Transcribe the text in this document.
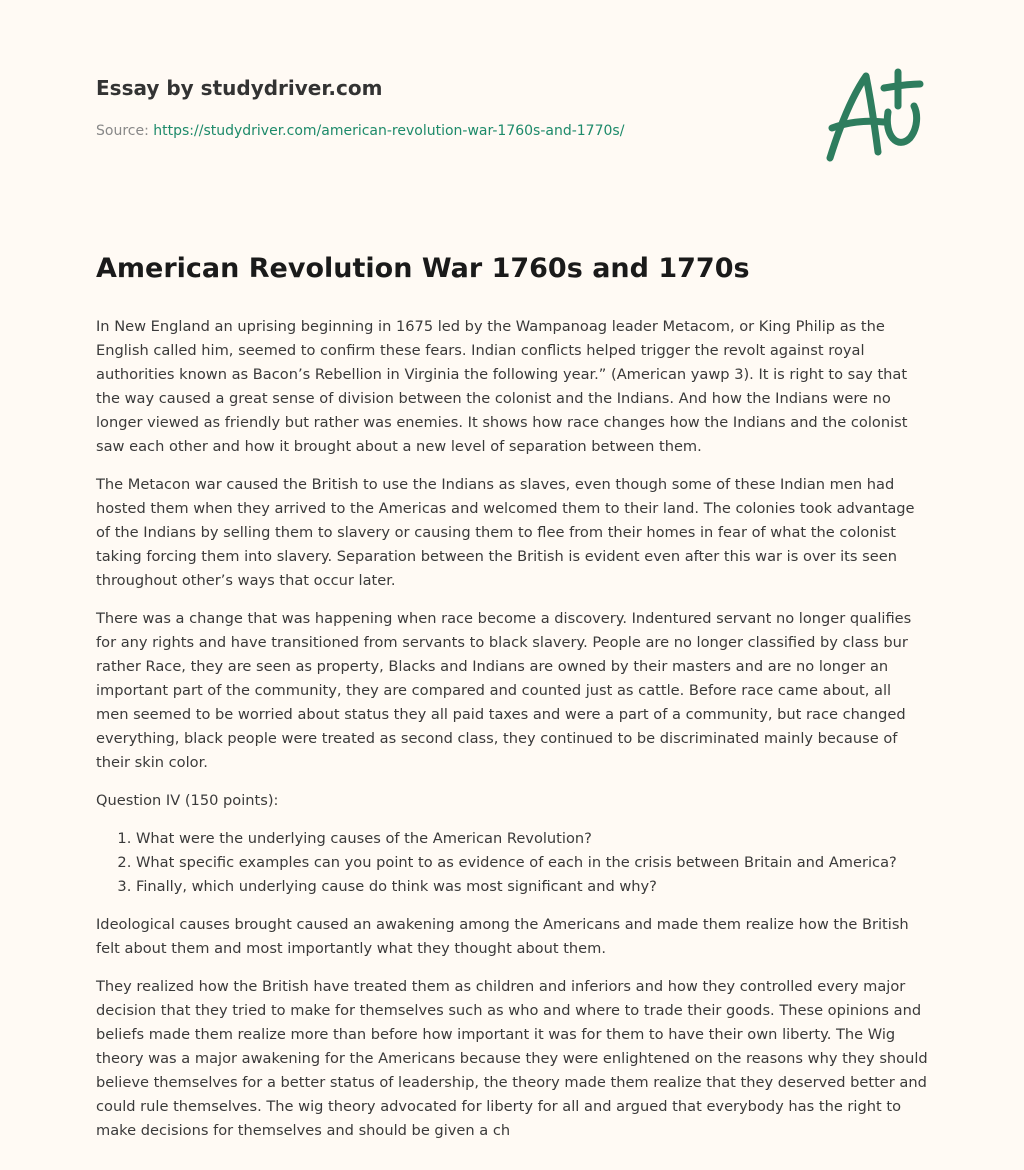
Essay by studydriver.com
Source: https://studydriver.com/american-revolution-war-1760s-and-1770s/
American Revolution War 1760s and 1770s

In New England an uprising beginning in 1675 led by the Wampanoag leader Metacom, or King Philip as the English called him, seemed to confirm these fears. Indian conflicts helped trigger the revolt against royal authorities known as Bacon’s Rebellion in Virginia the following year.” (American yawp 3). It is right to say that the way caused a great sense of division between the colonist and the Indians. And how the Indians were no longer viewed as friendly but rather was enemies. It shows how race changes how the Indians and the colonist saw each other and how it brought about a new level of separation between them.

The Metacon war caused the British to use the Indians as slaves, even though some of these Indian men had hosted them when they arrived to the Americas and welcomed them to their land. The colonies took advantage of the Indians by selling them to slavery or causing them to flee from their homes in fear of what the colonist taking forcing them into slavery. Separation between the British is evident even after this war is over its seen throughout other’s ways that occur later.

There was a change that was happening when race become a discovery. Indentured servant no longer qualifies for any rights and have transitioned from servants to black slavery. People are no longer classified by class bur rather Race, they are seen as property, Blacks and Indians are owned by their masters and are no longer an important part of the community, they are compared and counted just as cattle. Before race came about, all men seemed to be worried about status they all paid taxes and were a part of a community, but race changed everything, black people were treated as second class, they continued to be discriminated mainly because of their skin color.

Question IV (150 points):

1. What were the underlying causes of the American Revolution?
2. What specific examples can you point to as evidence of each in the crisis between Britain and America?
3. Finally, which underlying cause do think was most significant and why?

Ideological causes brought caused an awakening among the Americans and made them realize how the British felt about them and most importantly what they thought about them.

They realized how the British have treated them as children and inferiors and how they controlled every major decision that they tried to make for themselves such as who and where to trade their goods. These opinions and beliefs made them realize more than before how important it was for them to have their own liberty. The Wig theory was a major awakening for the Americans because they were enlightened on the reasons why they should believe themselves for a better status of leadership, the theory made them realize that they deserved better and could rule themselves. The wig theory advocated for liberty for all and argued that everybody has the right to make decisions for themselves and should be given a ch
